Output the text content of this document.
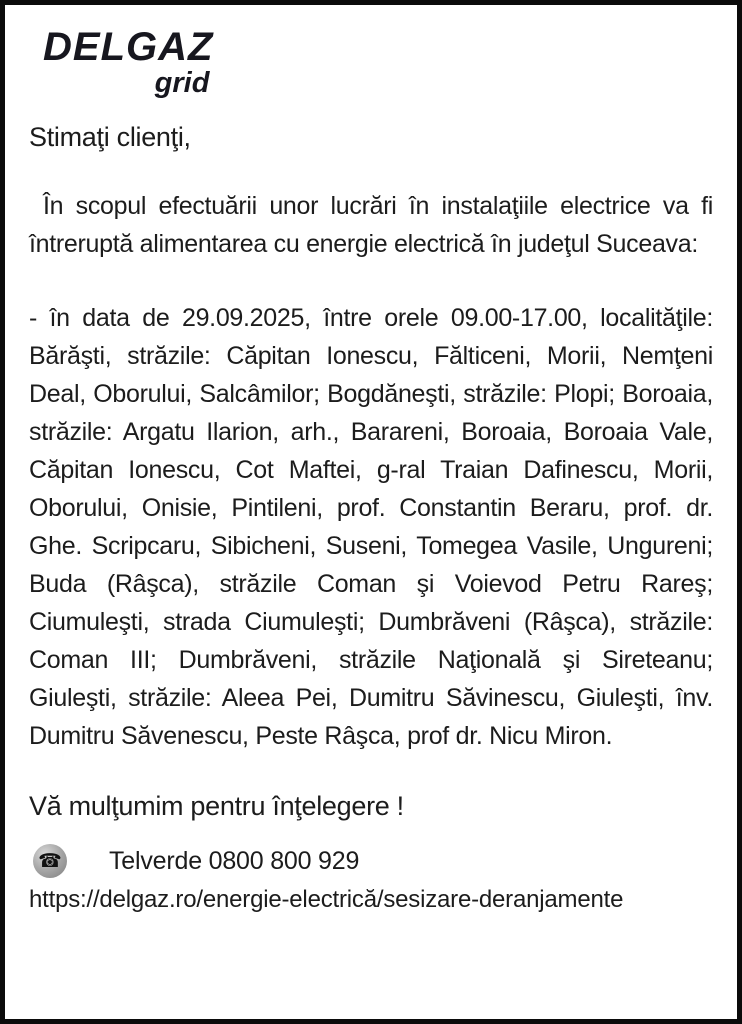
DELGAZ
grid
Stimaţi clienţi,
În scopul efectuării unor lucrări în instalaţiile electrice va fi întreruptă alimentarea cu energie electrică în judeţul Suceava:
- în data de 29.09.2025, între orele 09.00-17.00, localităţile: Bărăşti, străzile: Căpitan Ionescu, Fălticeni, Morii, Nemţeni Deal, Oborului, Salcâmilor; Bogdăneşti, străzile: Plopi; Boroaia, străzile: Argatu Ilarion, arh., Barareni, Boroaia, Boroaia Vale, Căpitan Ionescu, Cot Maftei, g-ral Traian Dafinescu, Morii, Oborului, Onisie, Pintileni, prof. Constantin Beraru, prof. dr. Ghe. Scripcaru, Sibicheni, Suseni, Tomegea Vasile, Ungureni; Buda (Râşca), străzile Coman şi Voievod Petru Rareş; Ciumuleşti, strada Ciumuleşti; Dumbrăveni (Râşca), străzile: Coman III; Dumbrăveni, străzile Naţională şi Sireteanu; Giuleşti, străzile: Aleea Pei, Dumitru Săvinescu, Giuleşti, înv. Dumitru Săvenescu, Peste Râşca, prof dr. Nicu Miron.
Vă mulţumim pentru înţelegere !
☎ Telverde 0800 800 929
https://delgaz.ro/energie-electrică/sesizare-deranjamente
